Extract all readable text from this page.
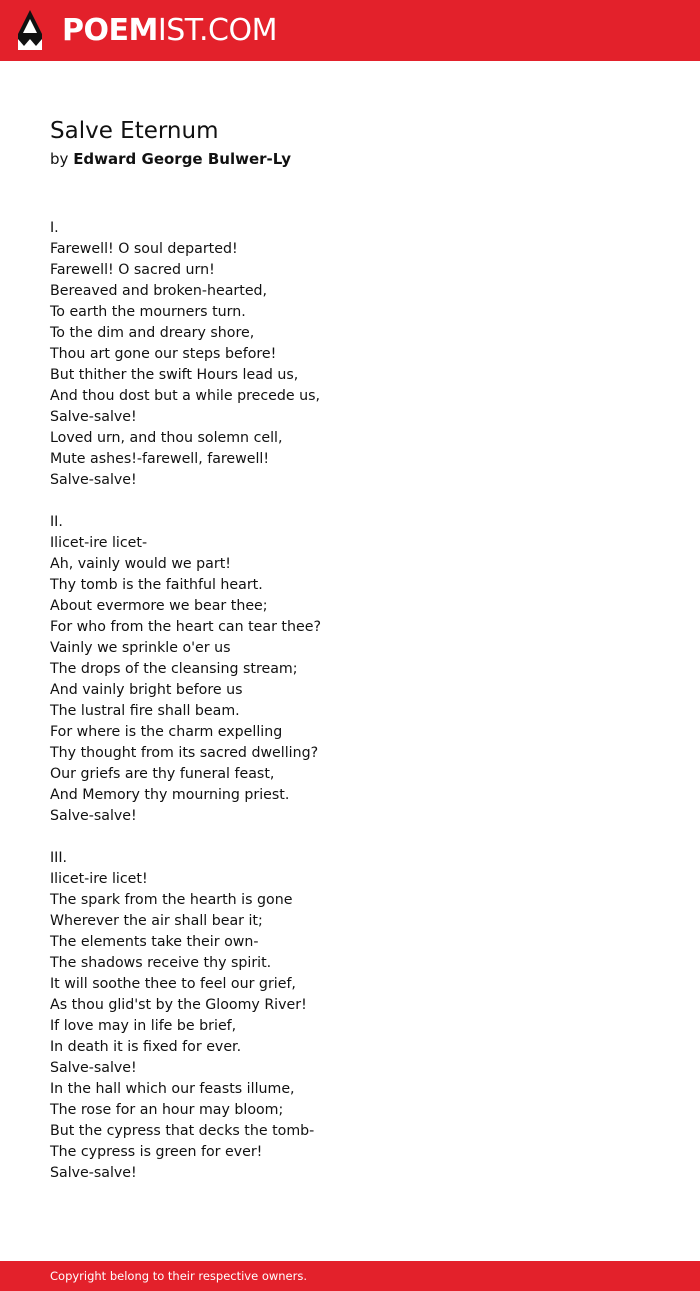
POEMIST.COM
Salve Eternum
by Edward George Bulwer-Ly
I.
Farewell! O soul departed!
Farewell! O sacred urn!
Bereaved and broken-hearted,
To earth the mourners turn.
To the dim and dreary shore,
Thou art gone our steps before!
But thither the swift Hours lead us,
And thou dost but a while precede us,
Salve-salve!
Loved urn, and thou solemn cell,
Mute ashes!-farewell, farewell!
Salve-salve!
II.
Ilicet-ire licet-
Ah, vainly would we part!
Thy tomb is the faithful heart.
About evermore we bear thee;
For who from the heart can tear thee?
Vainly we sprinkle o'er us
The drops of the cleansing stream;
And vainly bright before us
The lustral fire shall beam.
For where is the charm expelling
Thy thought from its sacred dwelling?
Our griefs are thy funeral feast,
And Memory thy mourning priest.
Salve-salve!
III.
Ilicet-ire licet!
The spark from the hearth is gone
Wherever the air shall bear it;
The elements take their own-
The shadows receive thy spirit.
It will soothe thee to feel our grief,
As thou glid'st by the Gloomy River!
If love may in life be brief,
In death it is fixed for ever.
Salve-salve!
In the hall which our feasts illume,
The rose for an hour may bloom;
But the cypress that decks the tomb-
The cypress is green for ever!
Salve-salve!
Copyright belong to their respective owners.
